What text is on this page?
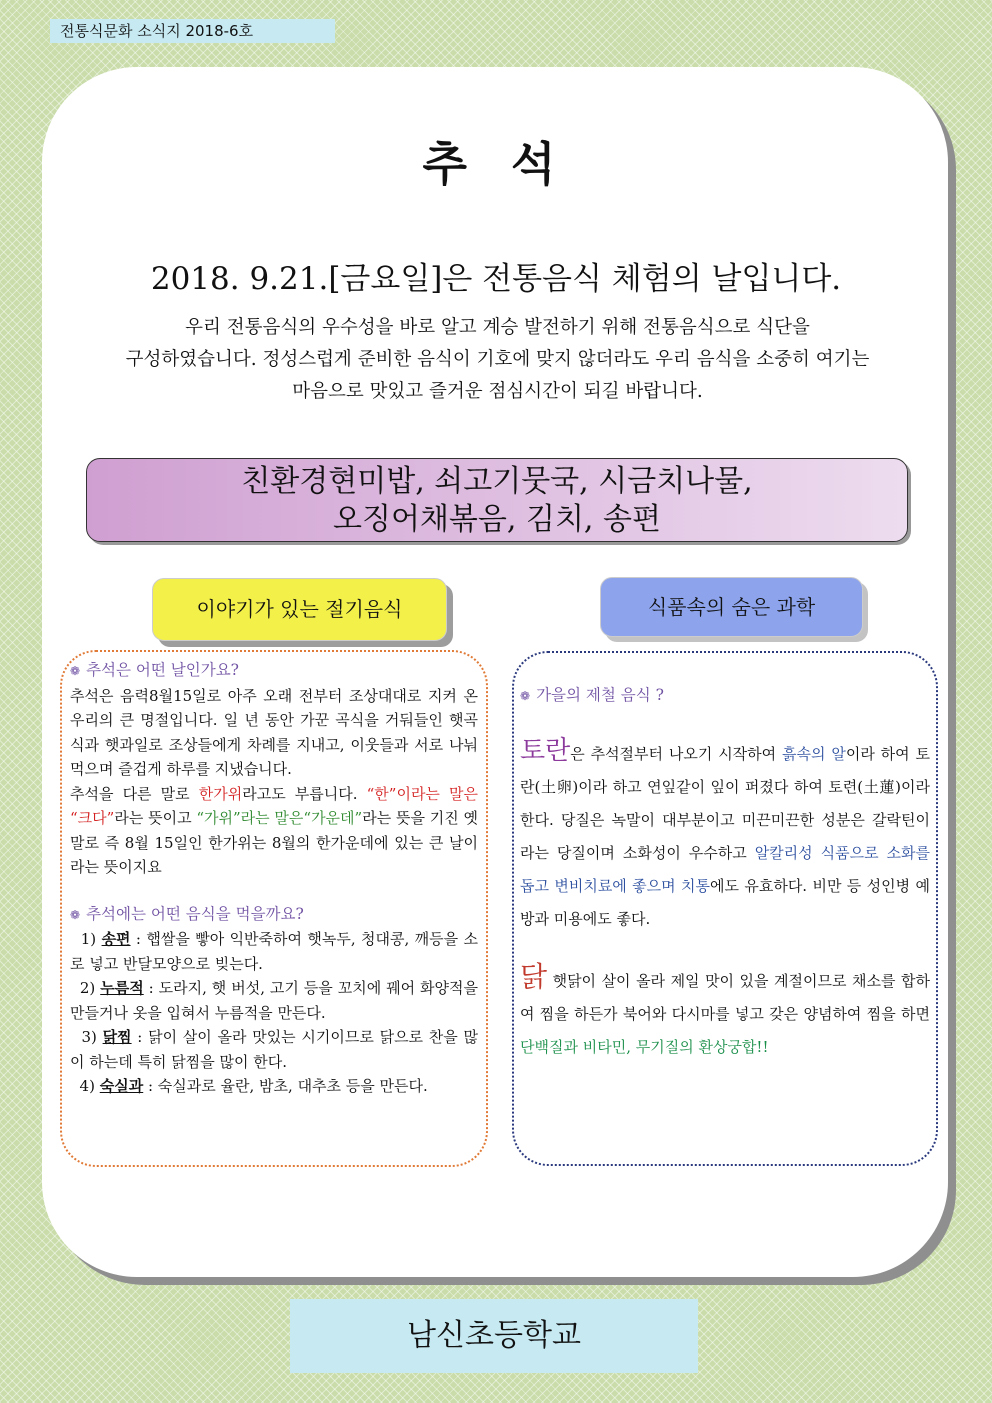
전통식문화 소식지 2018-6호
추 석
2018. 9.21.[금요일]은 전통음식 체험의 날입니다.
우리 전통음식의 우수성을 바로 알고 계승 발전하기 위해 전통음식으로 식단을
구성하였습니다. 정성스럽게 준비한 음식이 기호에 맞지 않더라도 우리 음식을 소중히 여기는
마음으로 맛있고 즐거운 점심시간이 되길 바랍니다.
친환경현미밥, 쇠고기뭇국, 시금치나물,
오징어채볶음, 김치, 송편
이야기가 있는 절기음식	식품속의 숨은 과학

❁ 추석은 어떤 날인가요?

추석은 음력8월15일로 아주 오래 전부터 조상대대로 지켜 온 우리의 큰 명절입니다. 일 년 동안 가꾼 곡식을 거둬들인 햇곡식과 햇과일로 조상들에게 차례를 지내고, 이웃들과 서로 나눠 먹으며 즐겁게 하루를 지냈습니다.

추석을 다른 말로 한가위라고도 부릅니다. “한”이라는 말은 “크다”라는 뜻이고 “가위”라는 말은“가운데”라는 뜻을 기진 옛말로 즉 8월 15일인 한가위는 8월의 한가운데에 있는 큰 날이라는 뜻이지요

❁ 추석에는 어떤 음식을 먹을까요?

1) 송편 : 햅쌀을 빻아 익반죽하여 햇녹두, 청대콩, 깨등을 소로 넣고 반달모양으로 빚는다.

2) 누름적 : 도라지, 햇 버섯, 고기 등을 꼬치에 꿰어 화양적을 만들거나 옷을 입혀서 누름적을 만든다.

3) 닭찜 : 닭이 살이 올라 맛있는 시기이므로 닭으로 찬을 많이 하는데 특히 닭찜을 많이 한다.

4) 숙실과 : 숙실과로 율란, 밤초, 대추초 등을 만든다.

❁ 가을의 제철 음식 ?

토란은 추석절부터 나오기 시작하여 흙속의 알이라 하여 토란(土卵)이라 하고 연잎같이 잎이 퍼졌다 하여 토련(土蓮)이라 한다. 당질은 녹말이 대부분이고 미끈미끈한 성분은 갈락틴이라는 당질이며 소화성이 우수하고 알칼리성 식품으로 소화를 돕고 변비치료에 좋으며 치통에도 유효하다. 비만 등 성인병 예방과 미용에도 좋다.

닭 햇닭이 살이 올라 제일 맛이 있을 계절이므로 채소를 합하여 찜을 하든가 북어와 다시마를 넣고 갖은 양념하여 찜을 하면 단백질과 비타민, 무기질의 환상궁합!!

남신초등학교
